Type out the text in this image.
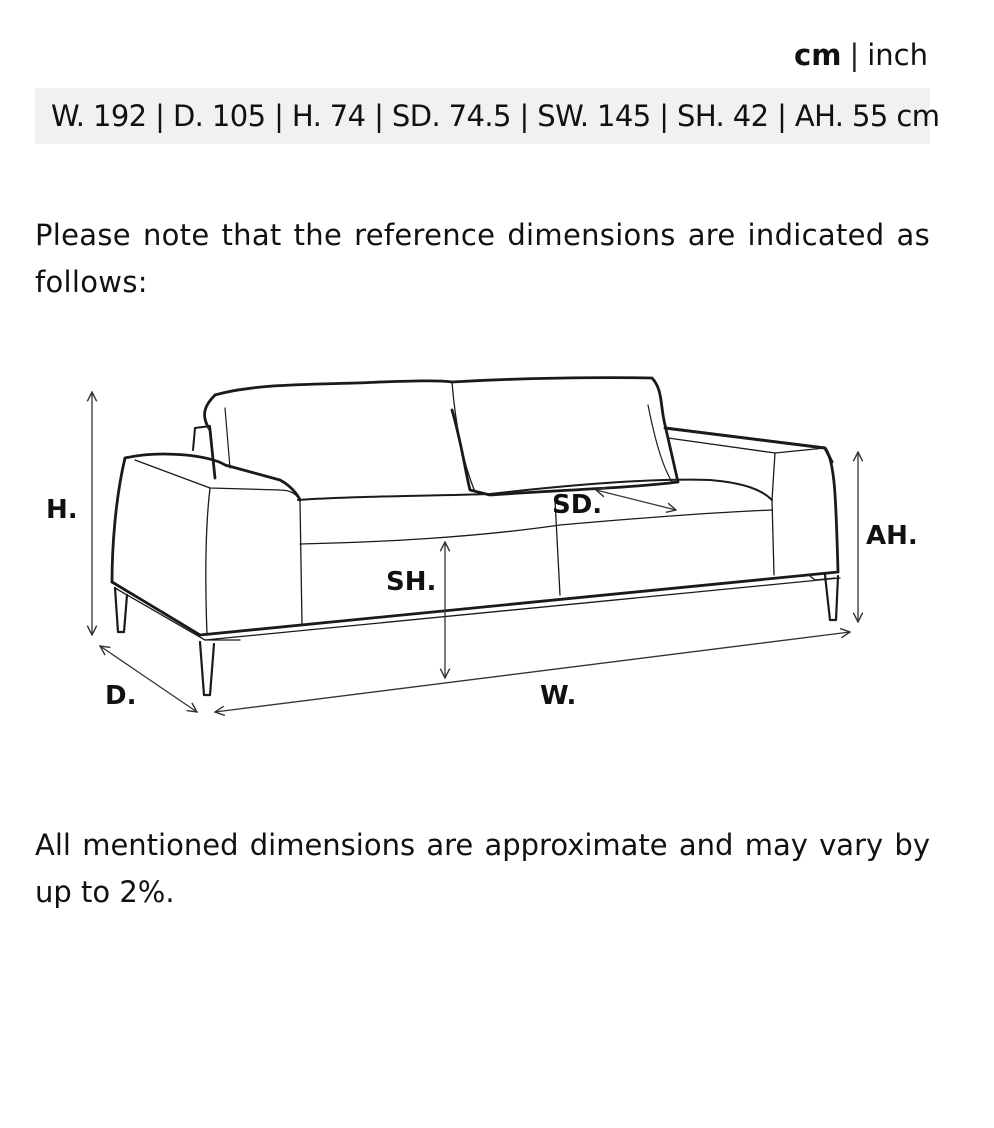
cm | inch
W. 192 | D. 105 | H. 74 | SD. 74.5 | SW. 145 | SH. 42 | AH. 55 cm
Please note that the reference dimensions are indicated as follows:
H.
D.	W.
SD.
SH.
AH.
All mentioned dimensions are approximate and may vary by up to 2%.
